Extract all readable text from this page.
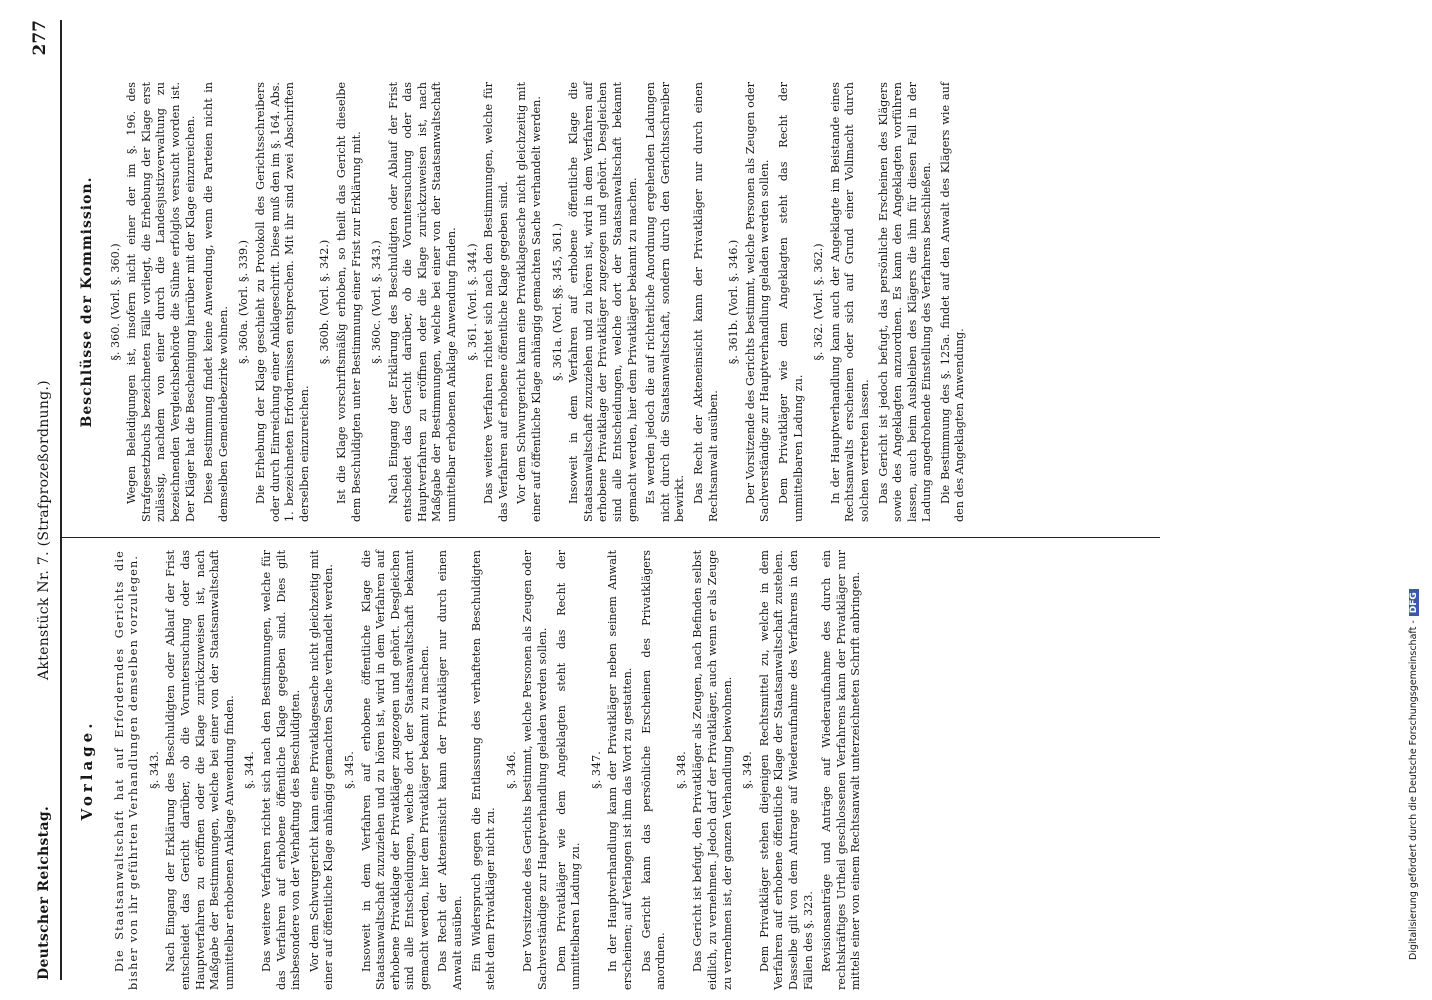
Deutscher Reichstag.
Aktenstück Nr. 7. (Strafprozeßordnung.)
277
Vorlage. Die Staatsanwaltschaft hat auf Erforderndes Gerichts die bisher von ihr geführten Verhandlungen demselben vorzulegen. §. 343. Nach Eingang der Erklärung des Beschuldigten oder Ablauf der Frist entscheidet das Gericht darüber, ob die Voruntersuchung oder das Hauptverfahren zu eröffnen oder die Klage zurückzuweisen ist, nach Maßgabe der Bestimmungen, welche bei einer von der Staatsanwaltschaft unmittelbar erhobenen Anklage Anwendung finden. §. 344. Das weitere Verfahren richtet sich nach den Bestimmungen, welche für das Verfahren auf erhobene öffentliche Klage gegeben sind. Dies gilt insbesondere von der Verhaftung des Beschuldigten. Vor dem Schwurgericht kann eine Privatklagesache nicht gleichzeitig mit einer auf öffentliche Klage anhängig gemachten Sache verhandelt werden. §. 345. Insoweit in dem Verfahren auf erhobene öffentliche Klage die Staatsanwaltschaft zuzuziehen und zu hören ist, wird in dem Verfahren auf erhobene Privatklage der Privatkläger zugezogen und gehört. Desgleichen sind alle Entscheidungen, welche dort der Staatsanwaltschaft bekannt gemacht werden, hier dem Privatkläger bekannt zu machen. Das Recht der Akteneinsicht kann der Privatkläger nur durch einen Anwalt ausüben. Ein Widerspruch gegen die Entlassung des verhafteten Beschuldigten steht dem Privatkläger nicht zu.
§. 346. Der Vorsitzende des Gerichts bestimmt, welche Personen als Zeugen oder Sachverständige zur Hauptverhandlung geladen werden sollen. Dem Privatkläger wie dem Angeklagten steht das Recht der unmittelbaren Ladung zu.
§. 347. In der Hauptverhandlung kann der Privatkläger neben seinem Anwalt erscheinen; auf Verlangen ist ihm das Wort zu gestatten. Das Gericht kann das persönliche Erscheinen des Privatklägers anordnen.
§. 348. Das Gericht ist befugt, den Privatkläger als Zeugen, nach Befinden selbst eidlich, zu vernehmen. Jedoch darf der Privatkläger, auch wenn er als Zeuge zu vernehmen ist, der ganzen Verhandlung beiwohnen. §. 349. Dem Privatkläger stehen diejenigen Rechtsmittel zu, welche in dem Verfahren auf erhobene öffentliche Klage der Staatsanwaltschaft zustehen. Dasselbe gilt von dem Antrage auf Wiederaufnahme des Verfahrens in den Fällen des §. 323. Revisionsanträge und Anträge auf Wiederaufnahme des durch ein rechtskräftiges Urtheil geschlossenen Verfahrens kann der Privatkläger nur mittels einer von einem Rechtsanwalt unterzeichneten Schrift anbringen.
Beschlüsse der Kommission. §. 360. (Vorl. §. 360.) Wegen Beleidigungen ist, insofern nicht einer der im §. 196. des Strafgesetzbuchs bezeichneten Fälle vorliegt, die Erhebung der Klage erst zulässig, nachdem von einer durch die Landesjustizverwaltung zu bezeichnenden Vergleichsbehörde die Sühne erfolglos versucht worden ist. Der Kläger hat die Bescheinigung hierüber mit der Klage einzureichen. Diese Bestimmung findet keine Anwendung, wenn die Parteien nicht in demselben Gemeindebezirke wohnen.
§. 360a. (Vorl. §. 339.) Die Erhebung der Klage geschieht zu Protokoll des Gerichtsschreibers oder durch Einreichung einer Anklageschrift. Diese muß den im §. 164. Abs. 1. bezeichneten Erfordernissen entsprechen. Mit ihr sind zwei Abschriften derselben einzureichen.
§. 360b. (Vorl. §. 342.) Ist die Klage vorschriftsmäßig erhoben, so theilt das Gericht dieselbe dem Beschuldigten unter Bestimmung einer Frist zur Erklärung mit. §. 360c. (Vorl. §. 343.) Nach Eingang der Erklärung des Beschuldigten oder Ablauf der Frist entscheidet das Gericht darüber, ob die Voruntersuchung oder das Hauptverfahren zu eröffnen oder die Klage zurückzuweisen ist, nach Maßgabe der Bestimmungen, welche bei einer von der Staatsanwaltschaft unmittelbar erhobenen Anklage Anwendung finden. §. 361. (Vorl. §. 344.) Das weitere Verfahren richtet sich nach den Bestimmungen, welche für das Verfahren auf erhobene öffentliche Klage gegeben sind. Vor dem Schwurgericht kann eine Privatklagesache nicht gleichzeitig mit einer auf öffentliche Klage anhängig gemachten Sache verhandelt werden. §. 361a. (Vorl. §§. 345, 361.) Insoweit in dem Verfahren auf erhobene öffentliche Klage die Staatsanwaltschaft zuzuziehen und zu hören ist, wird in dem Verfahren auf erhobene Privatklage der Privatkläger zugezogen und gehört. Desgleichen sind alle Entscheidungen, welche dort der Staatsanwaltschaft bekannt gemacht werden, hier dem Privatkläger bekannt zu machen. Es werden jedoch die auf richterliche Anordnung ergehenden Ladungen nicht durch die Staatsanwaltschaft, sondern durch den Gerichtsschreiber bewirkt. Das Recht der Akteneinsicht kann der Privatkläger nur durch einen Rechtsanwalt ausüben.
§. 361b. (Vorl. §. 346.) Der Vorsitzende des Gerichts bestimmt, welche Personen als Zeugen oder Sachverständige zur Hauptverhandlung geladen werden sollen. Dem Privatkläger wie dem Angeklagten steht das Recht der unmittelbaren Ladung zu.
§. 362. (Vorl. §. 362.) In der Hauptverhandlung kann auch der Angeklagte im Beistande eines Rechtsanwalts erscheinen oder sich auf Grund einer Vollmacht durch solchen vertreten lassen. Das Gericht ist jedoch befugt, das persönliche Erscheinen des Klägers sowie des Angeklagten anzuordnen. Es kann den Angeklagten vorführen lassen, auch beim Ausbleiben des Klägers die ihm für diesen Fall in der Ladung angedrohende Einstellung des Verfahrens beschließen. Die Bestimmung des §. 125a. findet auf den Anwalt des Klägers wie auf den des Angeklagten Anwendung.
Digitalisierung gefördert durch die Deutsche Forschungsgemeinschaft -DFG
